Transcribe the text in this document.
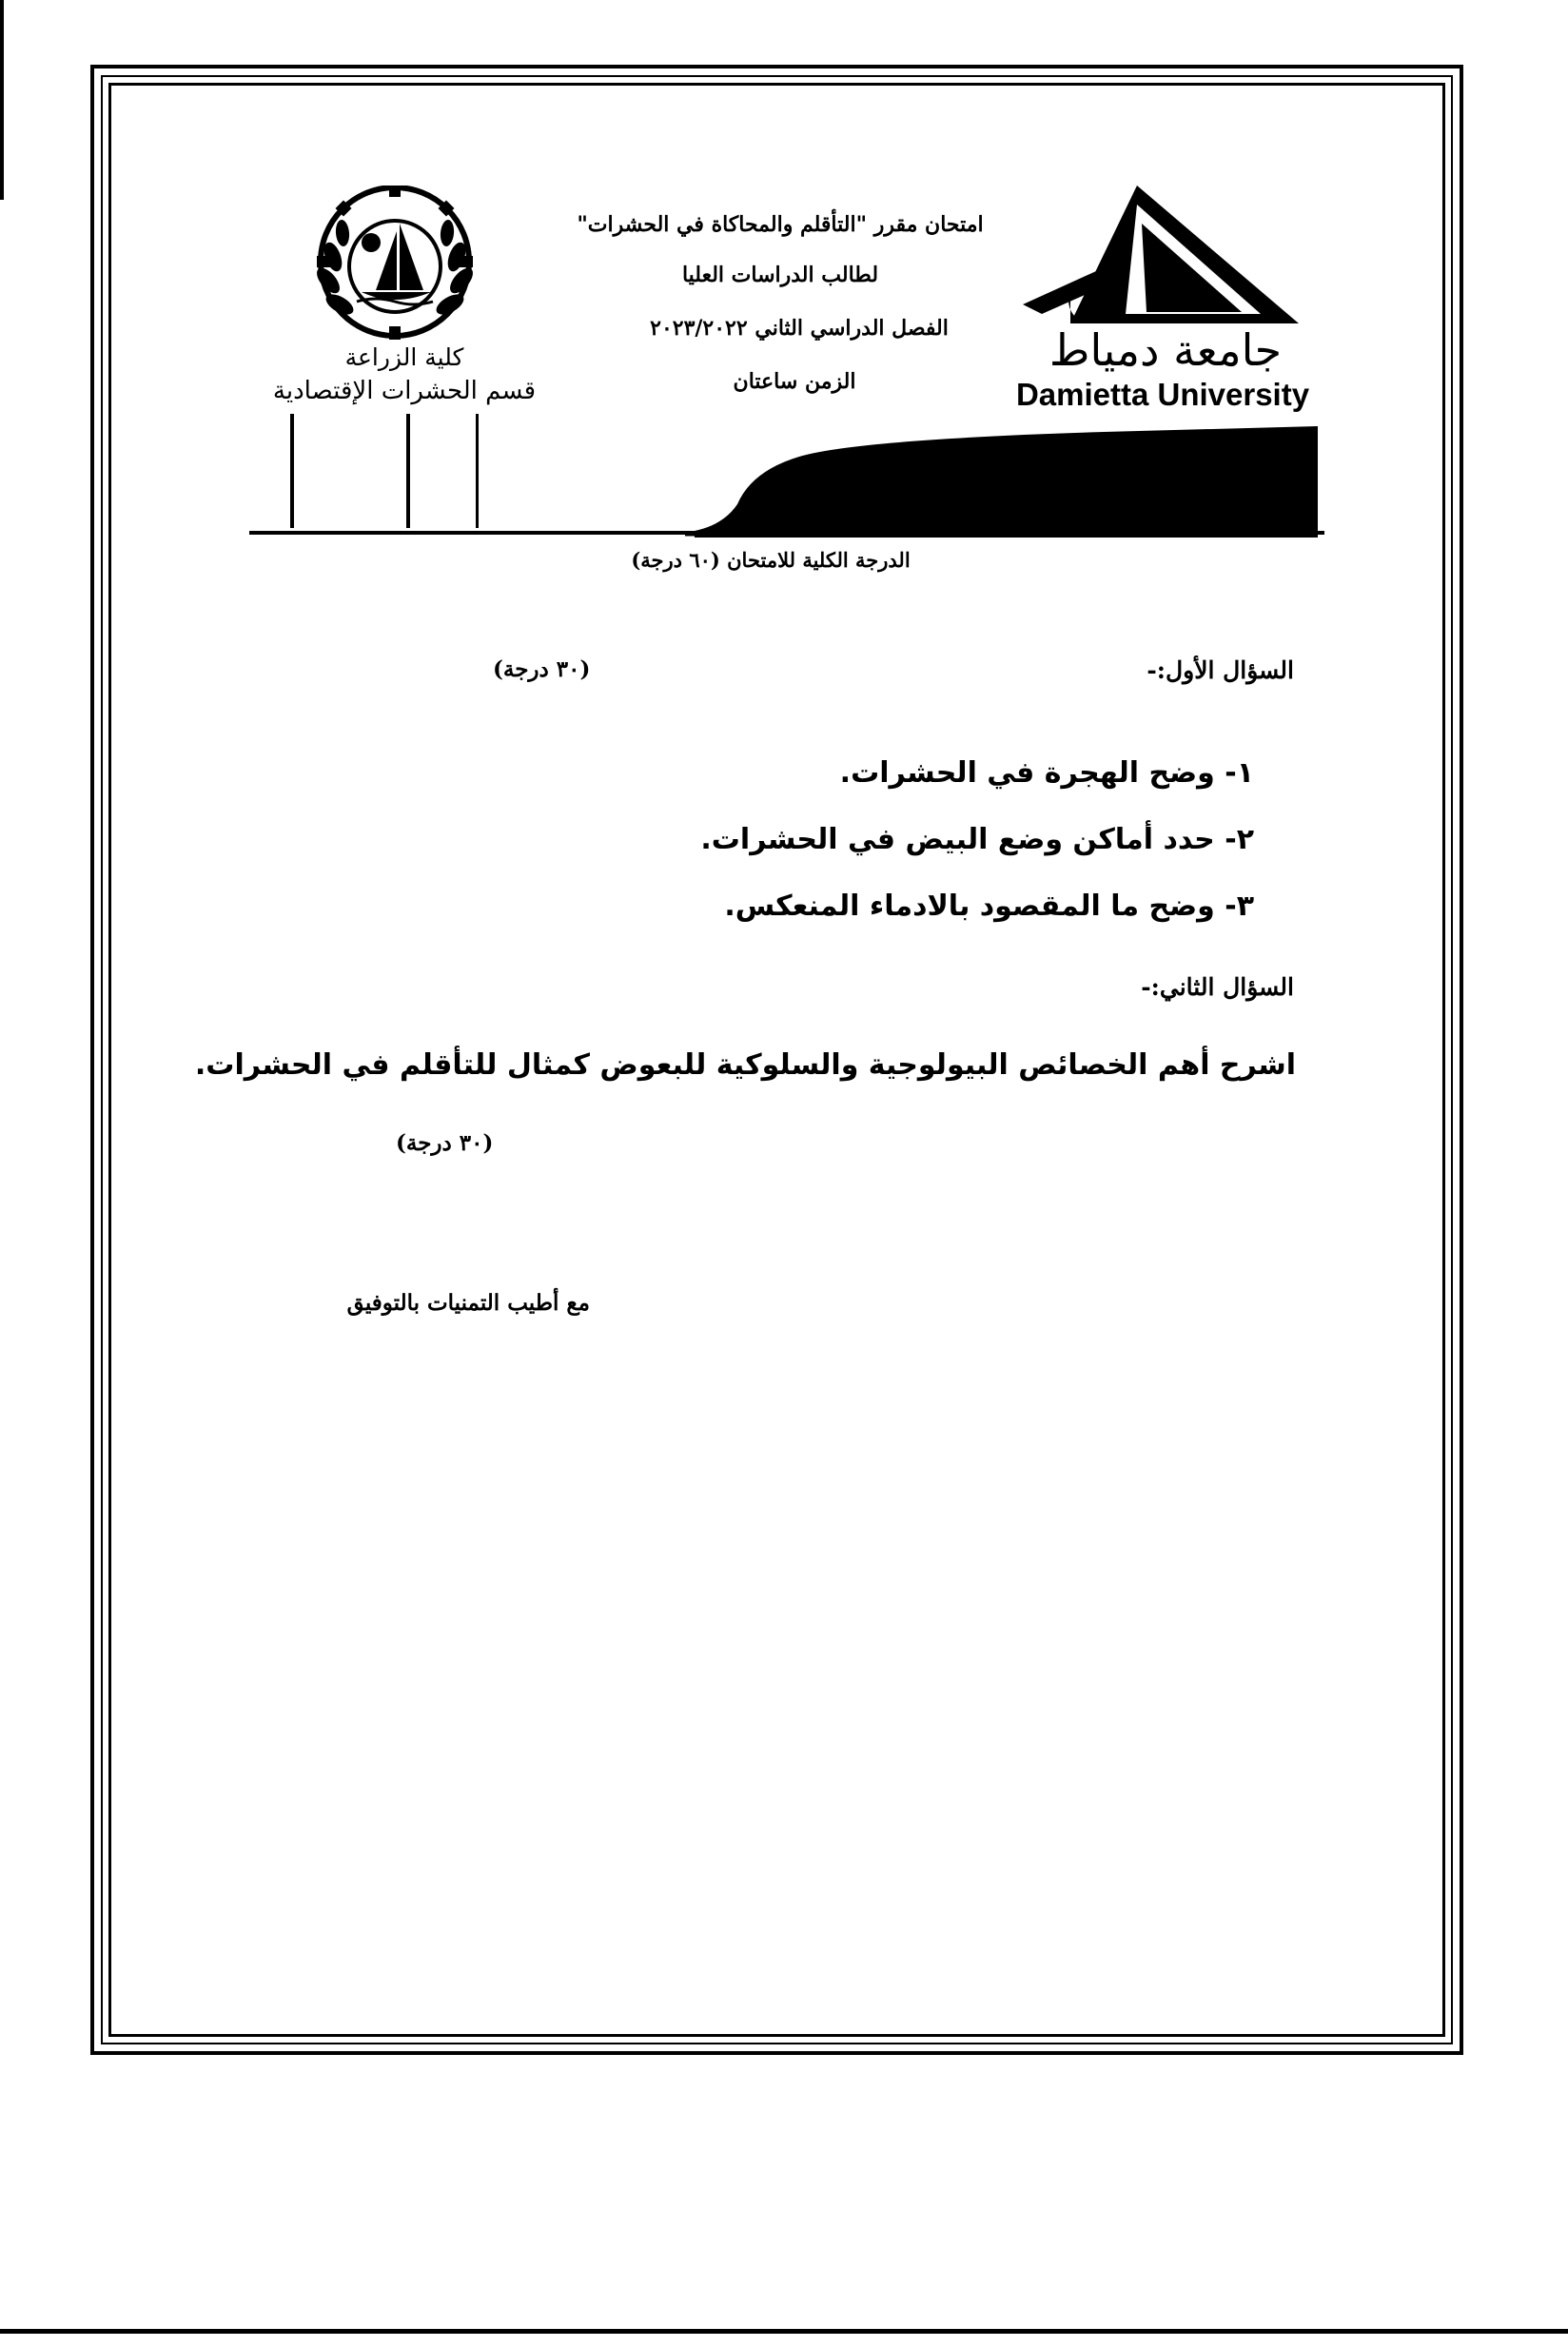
كلية الزراعة
قسم الحشرات الإقتصادية
امتحان مقرر "التأقلم والمحاكاة في الحشرات"
لطالب الدراسات العليا
الفصل الدراسي الثاني ٢٠٢٣/٢٠٢٢
الزمن ساعتان
جامعة دمياط
Damietta University
الدرجة الكلية للامتحان (٦٠ درجة)
السؤال الأول:-
(٣٠ درجة)
١- وضح الهجرة في الحشرات.
٢- حدد أماكن وضع البيض في الحشرات.
٣- وضح ما المقصود بالادماء المنعكس.
السؤال الثاني:-
اشرح أهم الخصائص البيولوجية والسلوكية للبعوض كمثال للتأقلم في الحشرات.
(٣٠ درجة)
مع أطيب التمنيات بالتوفيق
